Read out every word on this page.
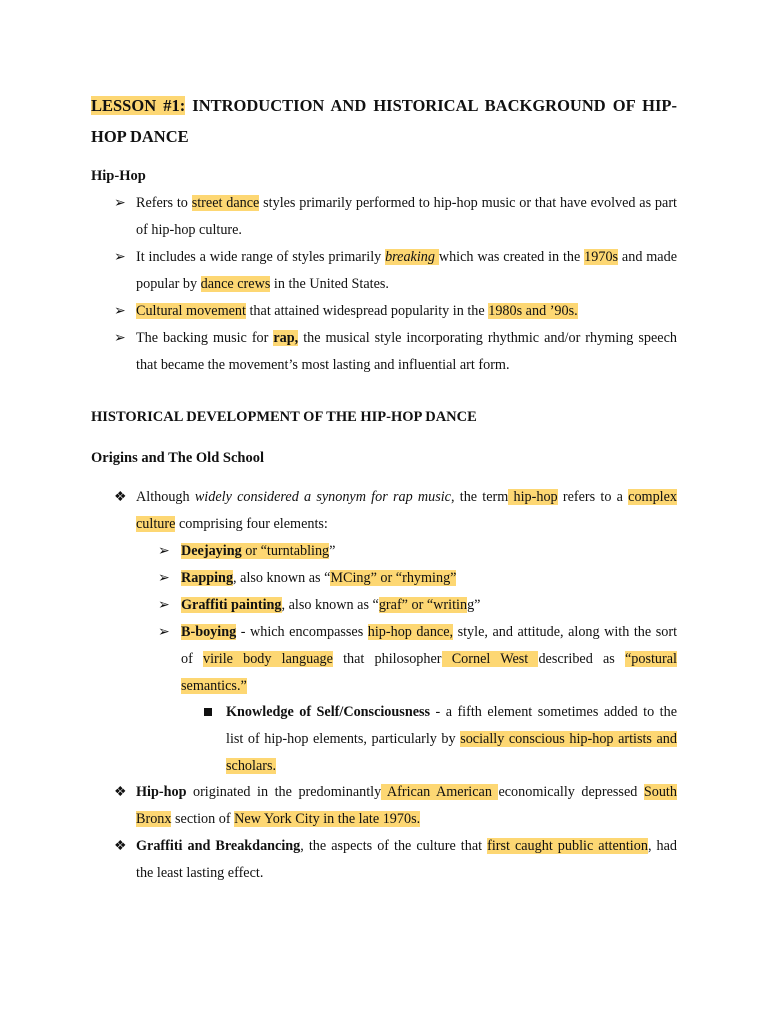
LESSON #1: INTRODUCTION AND HISTORICAL BACKGROUND OF HIP-HOP DANCE
Hip-Hop
➢ Refers to street dance styles primarily performed to hip-hop music or that have evolved as part of hip-hop culture.
➢ It includes a wide range of styles primarily breaking which was created in the 1970s and made popular by dance crews in the United States.
➢ Cultural movement that attained widespread popularity in the 1980s and ’90s.
➢ The backing music for rap, the musical style incorporating rhythmic and/or rhyming speech that became the movement’s most lasting and influential art form.
HISTORICAL DEVELOPMENT OF THE HIP-HOP DANCE
Origins and The Old School
❖ Although widely considered a synonym for rap music, the term hip-hop refers to a complex culture comprising four elements:
➢ Deejaying or “turntabling”
➢ Rapping, also known as “MCing” or “rhyming”
➢ Graffiti painting, also known as “graf” or “writing”
➢ B-boying - which encompasses hip-hop dance, style, and attitude, along with the sort of virile body language that philosopher Cornel West described as “postural semantics.”
Knowledge of Self/Consciousness - a fifth element sometimes added to the list of hip-hop elements, particularly by socially conscious hip-hop artists and scholars.
❖ Hip-hop originated in the predominantly African American economically depressed South Bronx section of New York City in the late 1970s.
❖ Graffiti and Breakdancing, the aspects of the culture that first caught public attention, had the least lasting effect.
